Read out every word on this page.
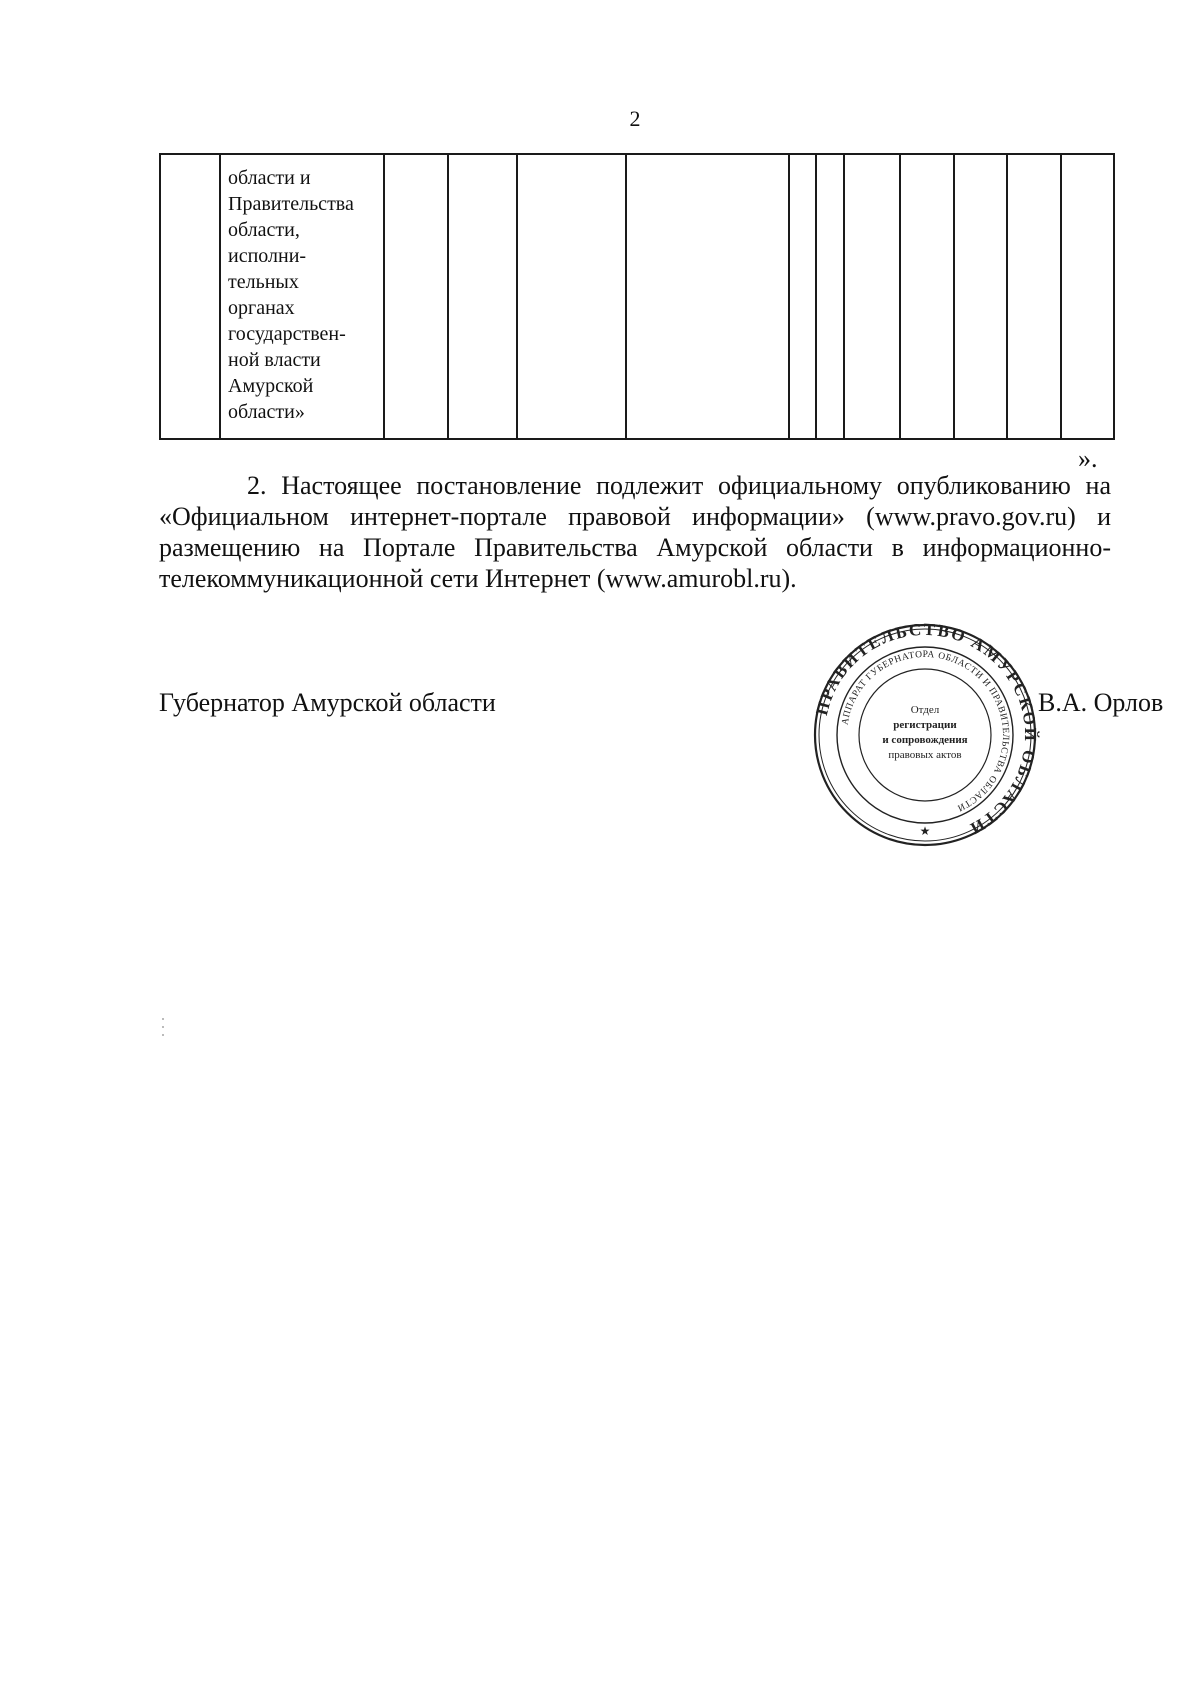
2

области и
Правительства
области,
исполни-
тельных
органах
государствен-
ной власти
Амурской
области»

».
2. Настоящее постановление подлежит официальному опубликованию на
«Официальном интернет-портале правовой информации» (www.pravo.gov.ru) и
размещению на Портале Правительства Амурской области в информационно-
телекоммуникационной сети Интернет (www.amurobl.ru).
Губернатор Амурской области	В.А. Орлов
ПРАВИТЕЛЬСТВО АМУРСКОЙ ОБЛАСТИ
АППАРАТ ГУБЕРНАТОРА ОБЛАСТИ И ПРАВИТЕЛЬСТВА ОБЛАСТИ
Отдел
регистрации
и сопровождения
правовых актов
★
